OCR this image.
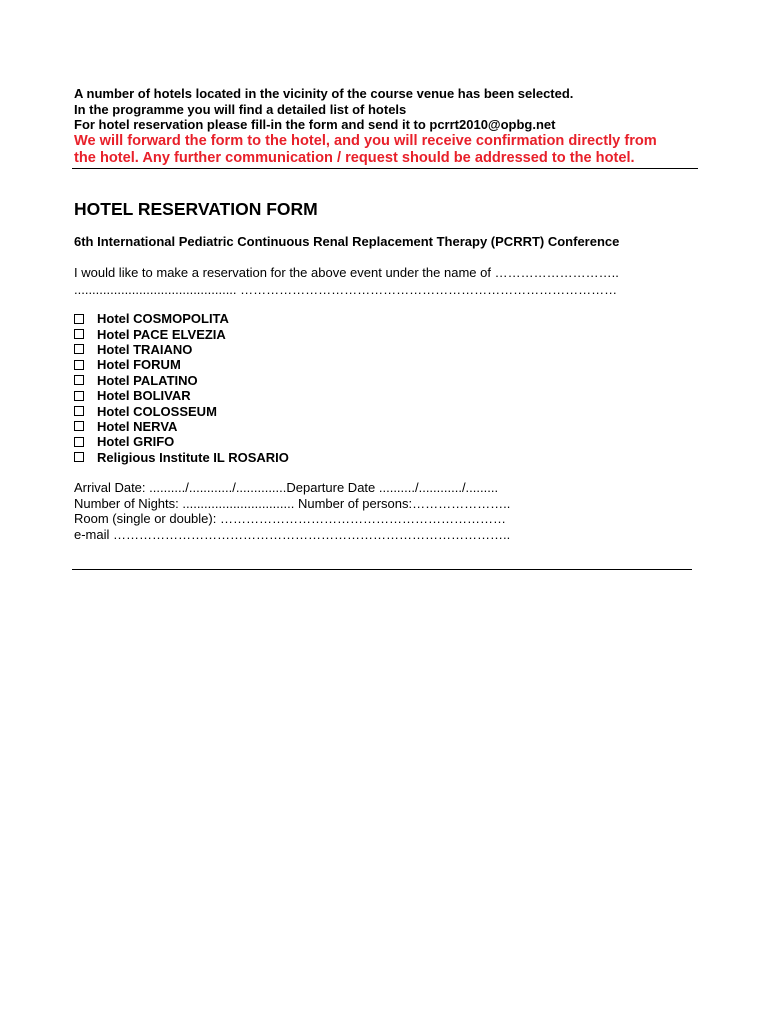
A number of hotels located in the vicinity of the course venue has been selected.
In the programme you will find a detailed list of hotels
For hotel reservation please fill-in the form and send it to pcrrt2010@opbg.net
We will forward the form to the hotel, and you will receive confirmation directly from
the hotel. Any further communication / request should be addressed to the hotel.
HOTEL RESERVATION FORM
6th International Pediatric Continuous Renal Replacement Therapy (PCRRT) Conference
I would like to make a reservation for the above event under the name of ………………………..
............................................. ……………………………………………………………………………
Hotel COSMOPOLITA
Hotel PACE ELVEZIA
Hotel TRAIANO
Hotel FORUM
Hotel PALATINO
Hotel BOLIVAR
Hotel COLOSSEUM
Hotel NERVA
Hotel GRIFO
Religious Institute IL ROSARIO
Arrival Date: ........../............/..............Departure Date ........../............/.........
Number of Nights: ............................... Number of persons:…………………..
Room (single or double): …………………………………………………………
e-mail ………………………………………………………………………………..
